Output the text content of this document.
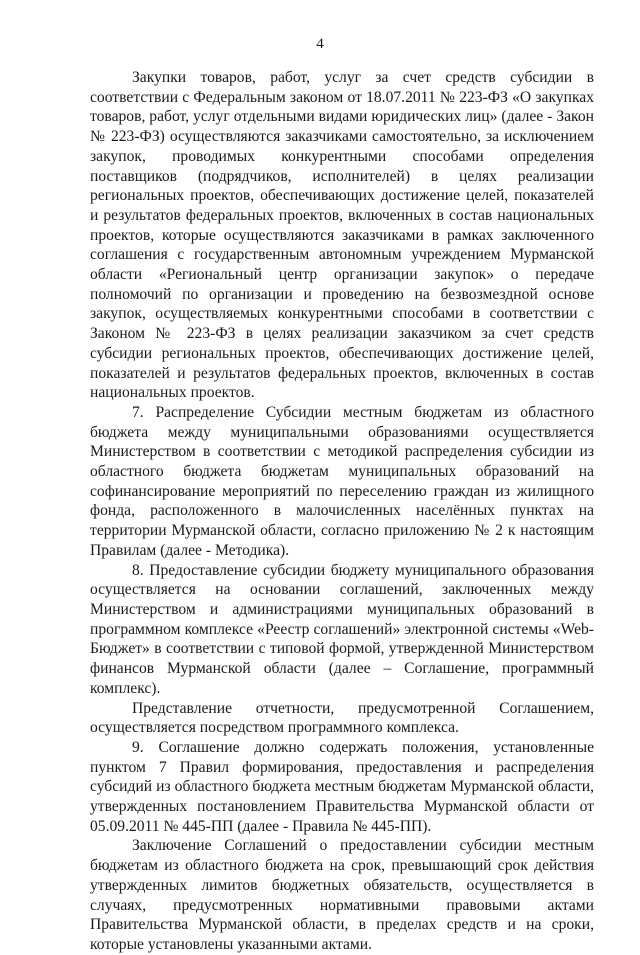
4

Закупки товаров, работ, услуг за счет средств субсидии в соответствии с Федеральным законом от 18.07.2011 № 223-ФЗ «О закупках товаров, работ, услуг отдельными видами юридических лиц» (далее - Закон № 223-ФЗ) осуществляются заказчиками самостоятельно, за исключением закупок, проводимых конкурентными способами определения поставщиков (подрядчиков, исполнителей) в целях реализации региональных проектов, обеспечивающих достижение целей, показателей и результатов федеральных проектов, включенных в состав национальных проектов, которые осуществляются заказчиками в рамках заключенного соглашения с государственным автономным учреждением Мурманской области «Региональный центр организации закупок» о передаче полномочий по организации и проведению на безвозмездной основе закупок, осуществляемых конкурентными способами в соответствии с Законом № 223-ФЗ в целях реализации заказчиком за счет средств субсидии региональных проектов, обеспечивающих достижение целей, показателей и результатов федеральных проектов, включенных в состав национальных проектов.

7. Распределение Субсидии местным бюджетам из областного бюджета между муниципальными образованиями осуществляется Министерством в соответствии с методикой распределения субсидии из областного бюджета бюджетам муниципальных образований на софинансирование мероприятий по переселению граждан из жилищного фонда, расположенного в малочисленных населённых пунктах на территории Мурманской области, согласно приложению № 2 к настоящим Правилам (далее - Методика).

8. Предоставление субсидии бюджету муниципального образования осуществляется на основании соглашений, заключенных между Министерством и администрациями муниципальных образований в программном комплексе «Реестр соглашений» электронной системы «Web-Бюджет» в соответствии с типовой формой, утвержденной Министерством финансов Мурманской области (далее – Соглашение, программный комплекс).

Представление отчетности, предусмотренной Соглашением, осуществляется посредством программного комплекса.

9. Соглашение должно содержать положения, установленные пунктом 7 Правил формирования, предоставления и распределения субсидий из областного бюджета местным бюджетам Мурманской области, утвержденных постановлением Правительства Мурманской области от 05.09.2011 № 445-ПП (далее - Правила № 445-ПП).

Заключение Соглашений о предоставлении субсидии местным бюджетам из областного бюджета на срок, превышающий срок действия утвержденных лимитов бюджетных обязательств, осуществляется в случаях, предусмотренных нормативными правовыми актами Правительства Мурманской области, в пределах средств и на сроки, которые установлены указанными актами.
